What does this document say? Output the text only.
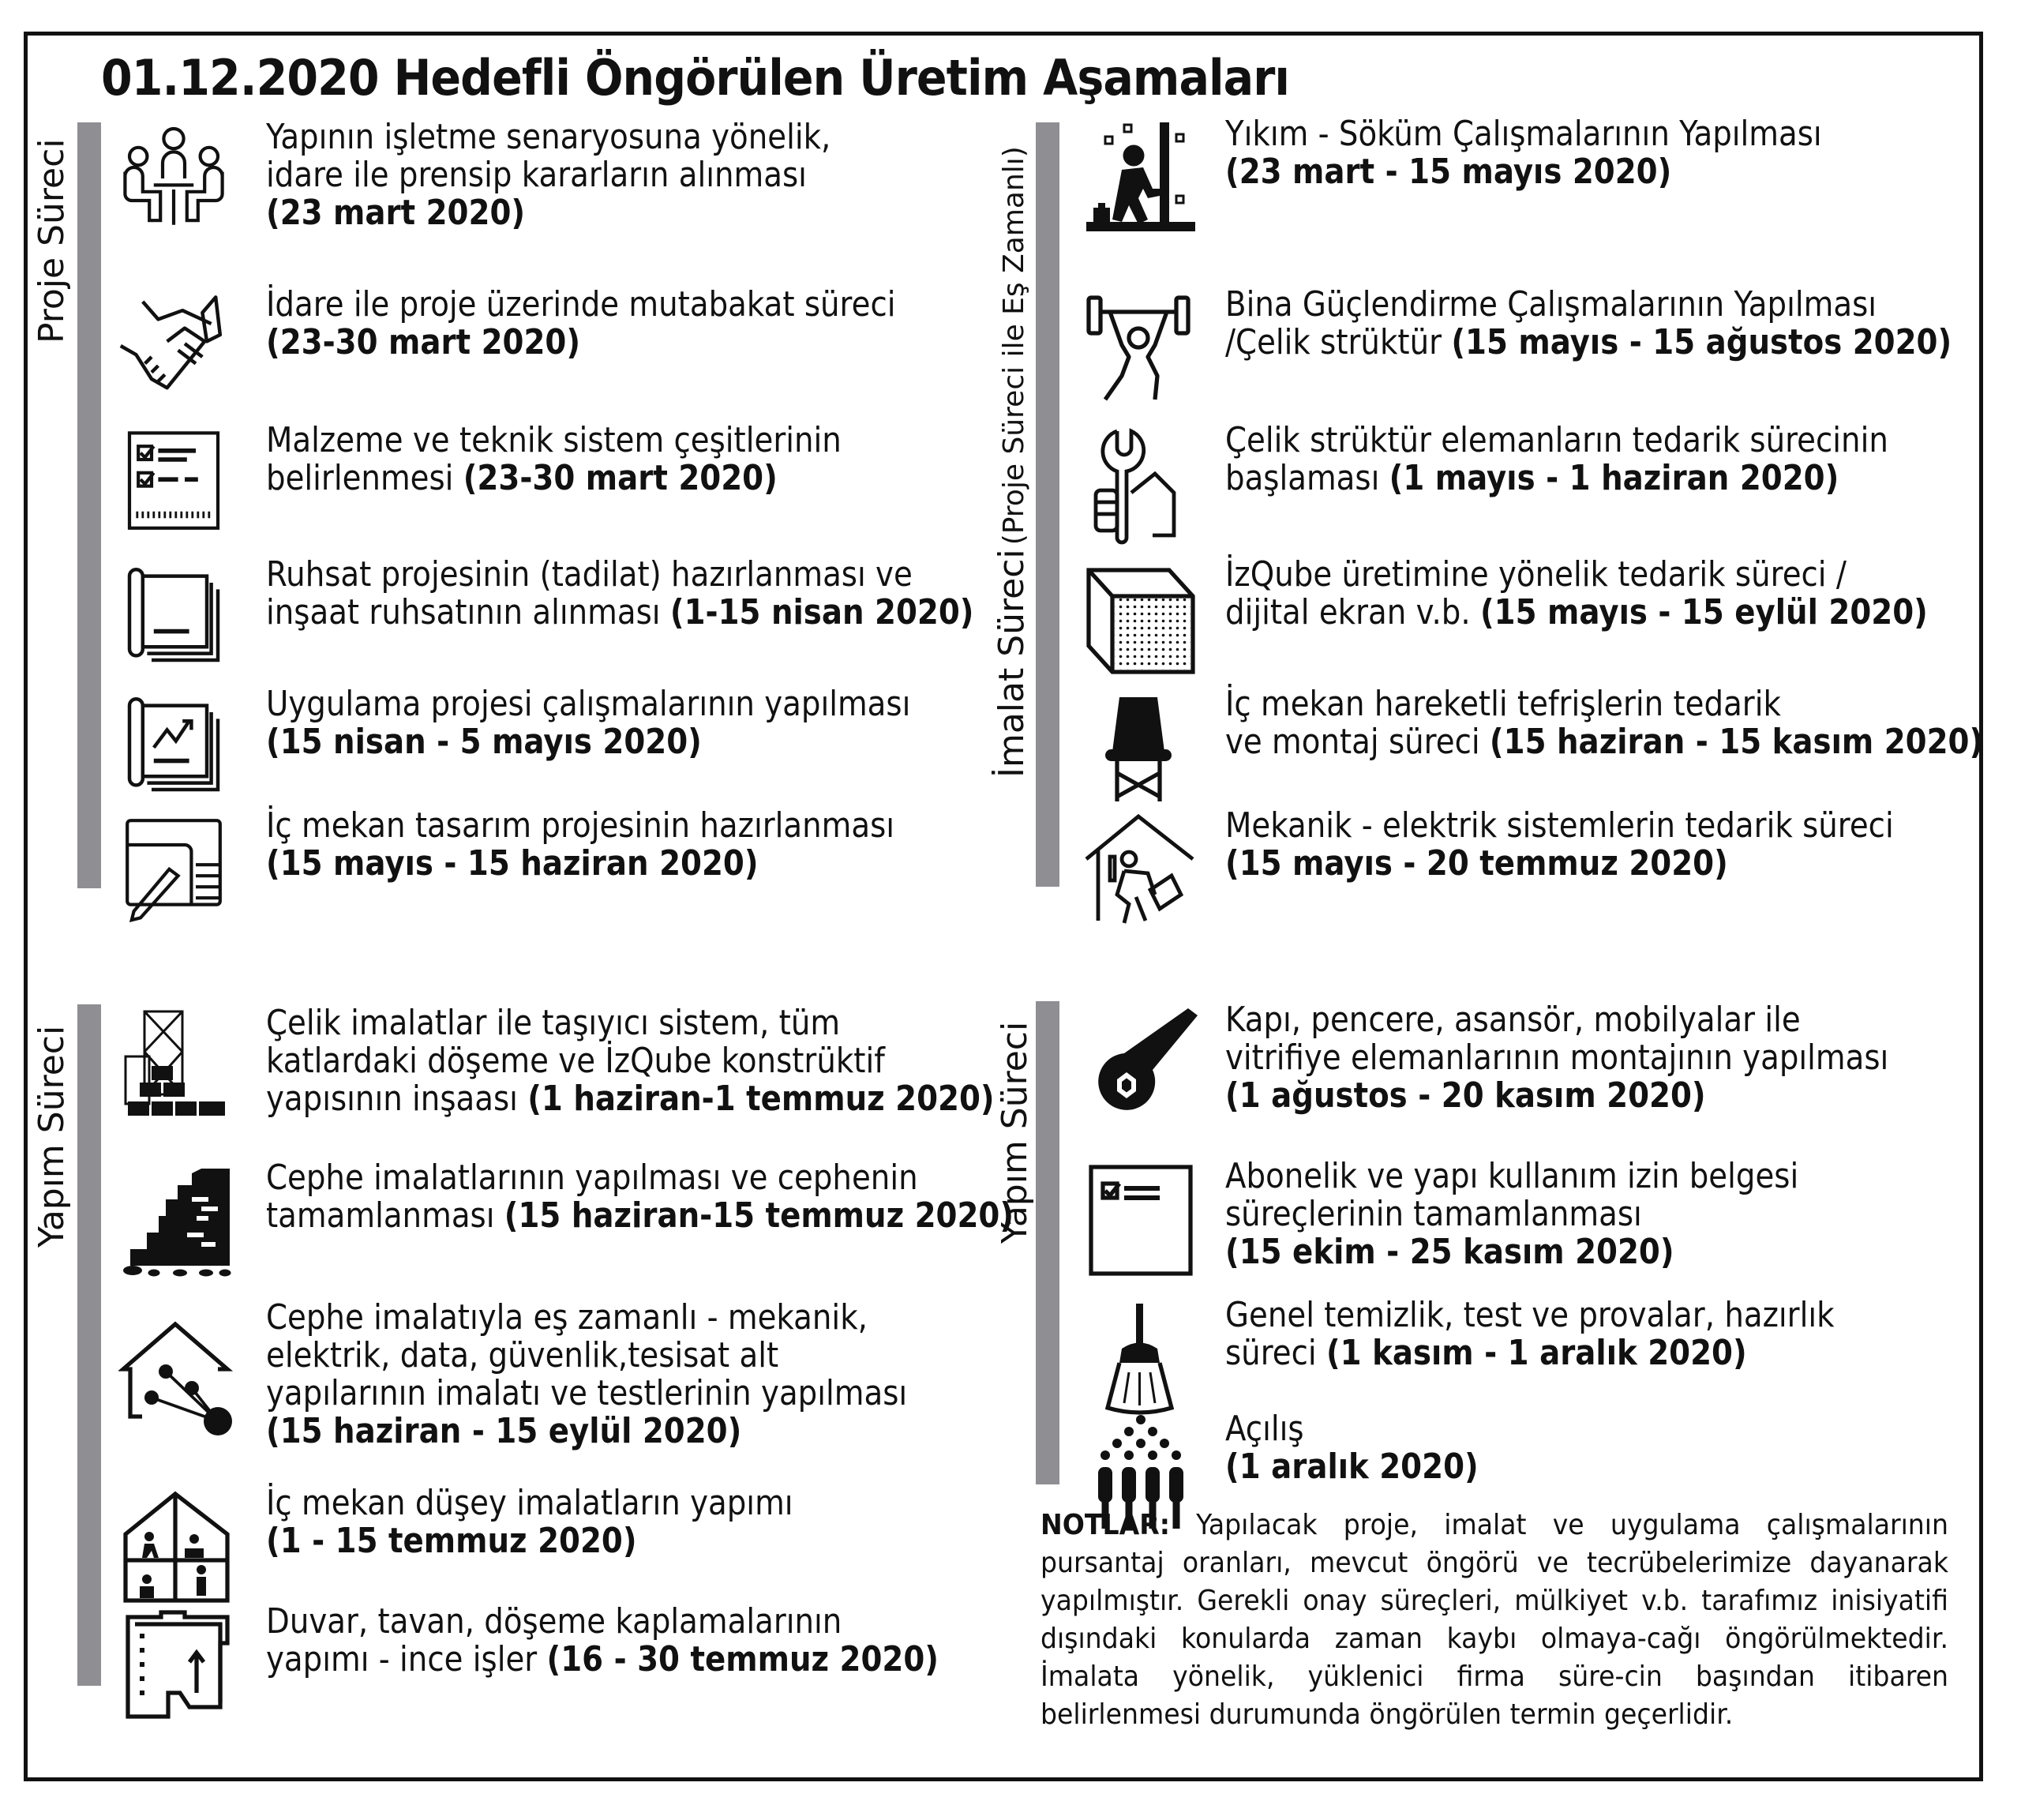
01.12.2020 Hedefli Öngörülen Üretim Aşamaları
Proje Süreci
Yapım Süreci
İmalat Süreci (Proje Süreci ile Eş Zamanlı)
Yapım Süreci
Yapının işletme senaryosuna yönelik,
idare ile prensip kararların alınması
(23 mart 2020)
İdare ile proje üzerinde mutabakat süreci
(23-30 mart 2020)
Malzeme ve teknik sistem çeşitlerinin
belirlenmesi (23-30 mart 2020)
Ruhsat projesinin (tadilat) hazırlanması ve
inşaat ruhsatının alınması (1-15 nisan 2020)
Uygulama projesi çalışmalarının yapılması
(15 nisan - 5 mayıs 2020)
İç mekan tasarım projesinin hazırlanması
(15 mayıs - 15 haziran 2020)
Yıkım - Söküm Çalışmalarının Yapılması
(23 mart - 15 mayıs 2020)
Bina Güçlendirme Çalışmalarının Yapılması
/Çelik strüktür (15 mayıs - 15 ağustos 2020)
Çelik strüktür elemanların tedarik sürecinin
başlaması (1 mayıs - 1 haziran 2020)
İzQube üretimine yönelik tedarik süreci /
dijital ekran v.b. (15 mayıs - 15 eylül 2020)
İç mekan hareketli tefrişlerin tedarik
ve montaj süreci (15 haziran - 15 kasım 2020)
Mekanik - elektrik sistemlerin tedarik süreci
(15 mayıs - 20 temmuz 2020)
Çelik imalatlar ile taşıyıcı sistem, tüm
katlardaki döşeme ve İzQube konstrüktif
yapısının inşaası (1 haziran-1 temmuz 2020)
Cephe imalatlarının yapılması ve cephenin
tamamlanması (15 haziran-15 temmuz 2020)
Cephe imalatıyla eş zamanlı - mekanik,
elektrik, data, güvenlik,tesisat alt
yapılarının imalatı ve testlerinin yapılması
(15 haziran - 15 eylül 2020)
İç mekan düşey imalatların yapımı
(1 - 15 temmuz 2020)
Duvar, tavan, döşeme kaplamalarının
yapımı - ince işler (16 - 30 temmuz 2020)
Kapı, pencere, asansör, mobilyalar ile
vitrifiye elemanlarının montajının yapılması
(1 ağustos - 20 kasım 2020)
Abonelik ve yapı kullanım izin belgesi
süreçlerinin tamamlanması
(15 ekim - 25 kasım 2020)
Genel temizlik, test ve provalar, hazırlık
süreci (1 kasım - 1 aralık 2020)
Açılış
(1 aralık 2020)
NOTLAR: Yapılacak proje, imalat ve uygulama çalışmalarının pursantaj oranları, mevcut öngörü ve tecrübelerimize dayanarak yapılmıştır. Gerekli onay süreçleri, mülkiyet v.b. tarafımız inisiyatifi dışındaki konularda zaman kaybı olmaya-cağı öngörülmektedir. İmalata yönelik, yüklenici firma süre-cin başından itibaren belirlenmesi durumunda öngörülen termin geçerlidir.
